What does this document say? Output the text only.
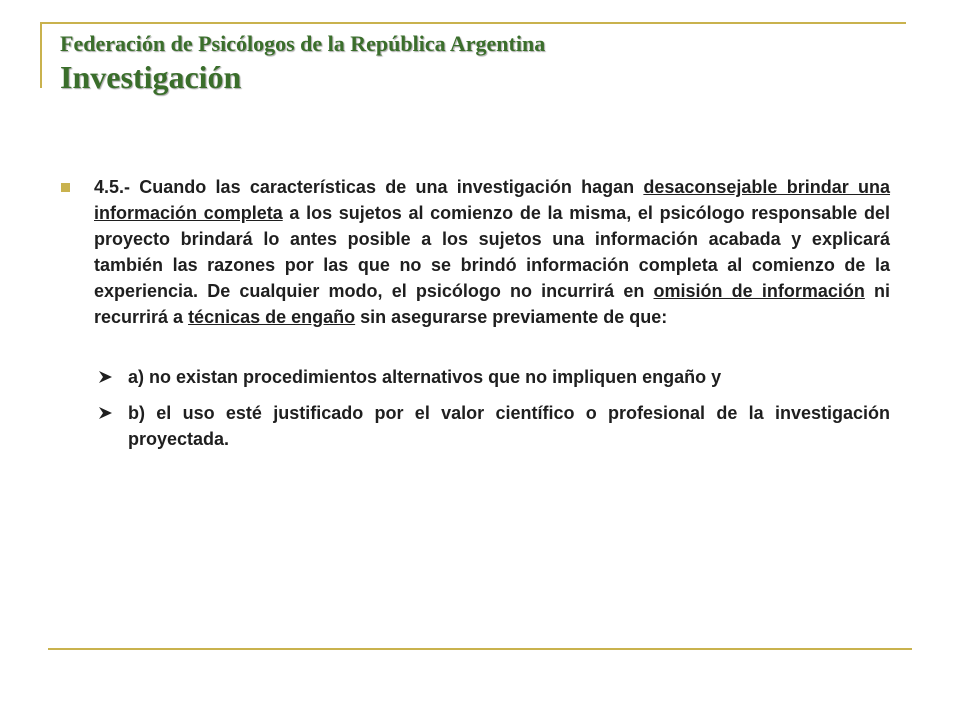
Federación de Psicólogos de la República Argentina
Investigación
4.5.- Cuando las características de una investigación hagan desaconsejable brindar una información completa a los sujetos al comienzo de la misma, el psicólogo responsable del proyecto brindará lo antes posible a los sujetos una información acabada y explicará también las razones por las que no se brindó información completa al comienzo de la experiencia. De cualquier modo, el psicólogo no incurrirá en omisión de información ni recurrirá a técnicas de engaño sin asegurarse previamente de que:
a) no existan procedimientos alternativos que no impliquen engaño y
b) el uso esté justificado por el valor científico o profesional de la investigación proyectada.
